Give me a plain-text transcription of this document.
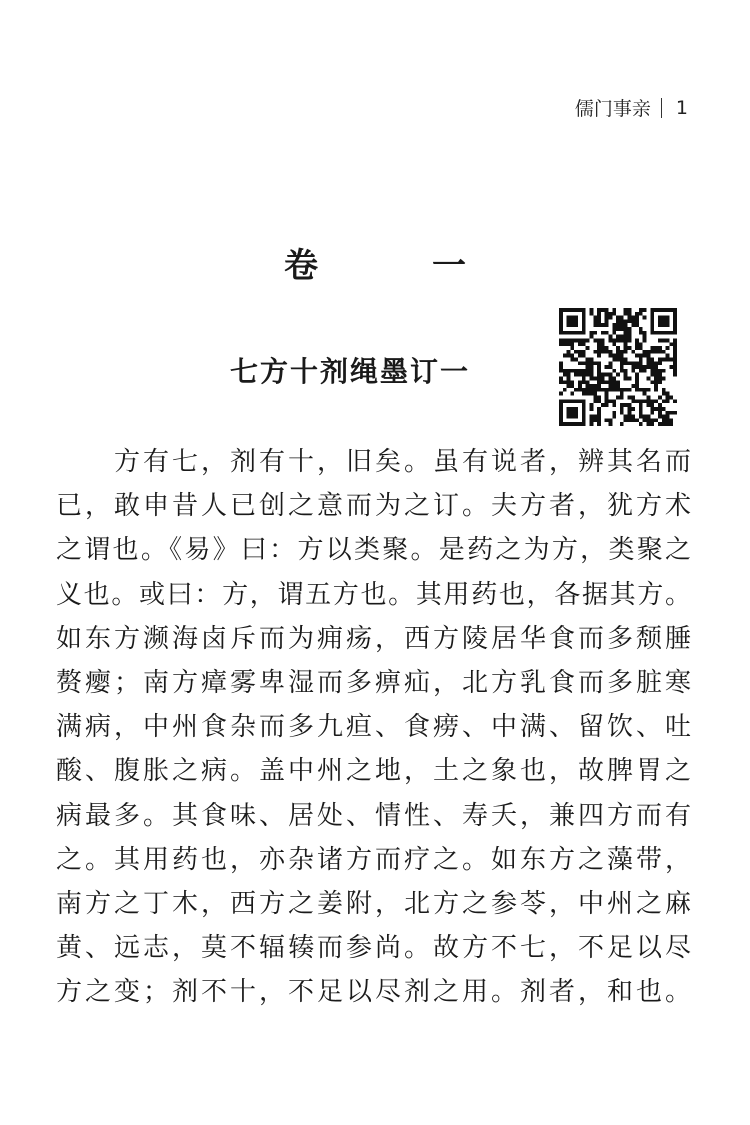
儒门事亲 1
卷　一
七方十剂绳墨订一
　　方有七，剂有十，旧矣。虽有说者，辨其名而
已，敢申昔人已创之意而为之订。夫方者，犹方术
之谓也。《易》曰：方以类聚。是药之为方，类聚之
义也。或曰：方，谓五方也。其用药也，各据其方。
如东方濒海卤斥而为痈疡，西方陵居华食而多颓腄
赘瘿；南方瘴雾卑湿而多痹疝，北方乳食而多脏寒
满病，中州食杂而多九疸、食痨、中满、留饮、吐
酸、腹胀之病。盖中州之地，土之象也，故脾胃之
病最多。其食味、居处、情性、寿夭，兼四方而有
之。其用药也，亦杂诸方而疗之。如东方之藻带，
南方之丁木，西方之姜附，北方之参苓，中州之麻
黄、远志，莫不辐辏而参尚。故方不七，不足以尽
方之变；剂不十，不足以尽剂之用。剂者，和也。
